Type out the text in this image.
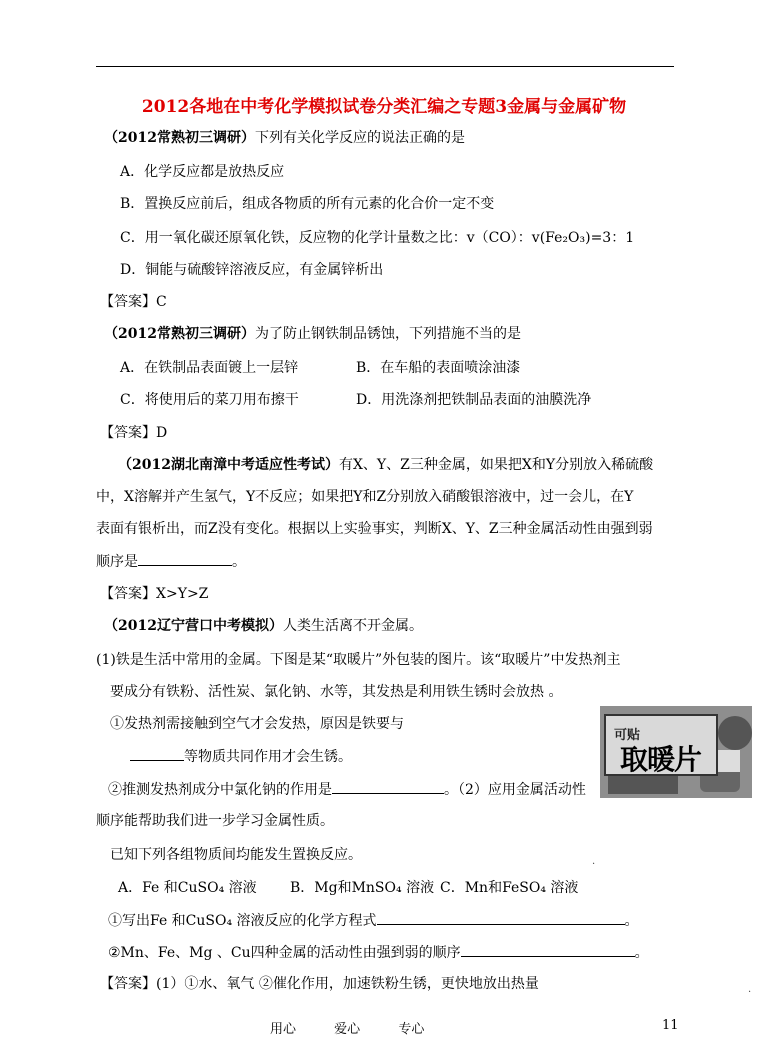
2012各地在中考化学模拟试卷分类汇编之专题3金属与金属矿物
（2012常熟初三调研）下列有关化学反应的说法正确的是
A．化学反应都是放热反应
B．置换反应前后，组成各物质的所有元素的化合价一定不变
C．用一氧化碳还原氧化铁，反应物的化学计量数之比：v（CO）：v(Fe₂O₃)=3：1
D．铜能与硫酸锌溶液反应，有金属锌析出
【答案】C
（2012常熟初三调研）为了防止钢铁制品锈蚀，下列措施不当的是
A．在铁制品表面镀上一层锌	B．在车船的表面喷涂油漆
C．将使用后的菜刀用布擦干	D．用洗涤剂把铁制品表面的油膜洗净
【答案】D
（2012湖北南漳中考适应性考试）有X、Y、Z三种金属，如果把X和Y分别放入稀硫酸
中，X溶解并产生氢气，Y不反应；如果把Y和Z分别放入硝酸银溶液中，过一会儿，在Y
表面有银析出，而Z没有变化。根据以上实验事实，判断X、Y、Z三种金属活动性由强到弱
顺序是	。
【答案】X>Y>Z
（2012辽宁营口中考模拟）人类生活离不开金属。
(1)铁是生活中常用的金属。下图是某“取暖片”外包装的图片。该“取暖片”中发热剂主
要成分有铁粉、活性炭、氯化钠、水等，其发热是利用铁生锈时会放热 。
①发热剂需接触到空气才会发热，原因是铁要与
等物质共同作用才会生锈。
②推测发热剂成分中氯化钠的作用是	。（2）应用金属活动性
顺序能帮助我们进一步学习金属性质。
已知下列各组物质间均能发生置换反应。
A．Fe 和CuSO₄ 溶液 B．Mg和MnSO₄ 溶液 C．Mn和FeSO₄ 溶液
①写出Fe 和CuSO₄ 溶液反应的化学方程式	。
②Mn、Fe、Mg 、Cu四种金属的活动性由强到弱的顺序	。
【答案】(1）①水、氧气 ②催化作用，加速铁粉生锈，更快地放出热量
可贴
取暖片
.
.
用心	爱心	专心	11
